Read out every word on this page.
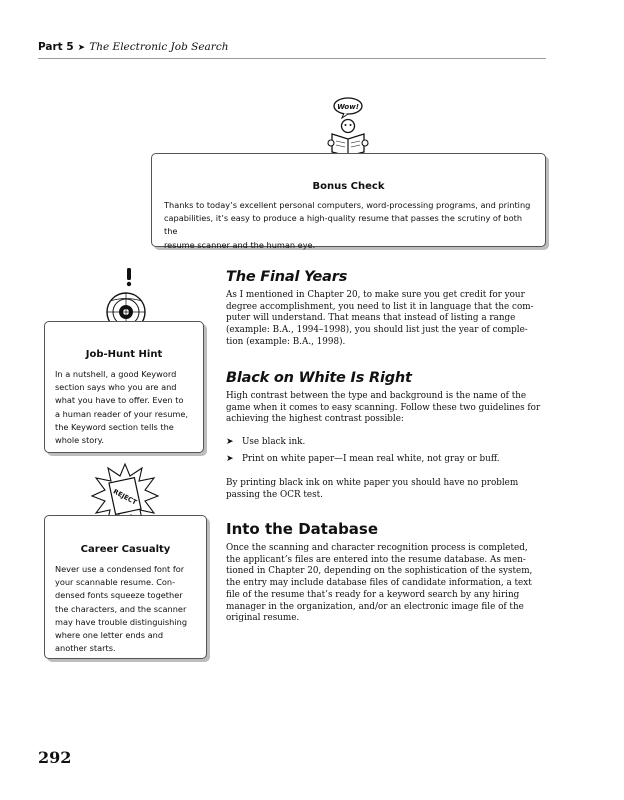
Part 5 ➤ The Electronic Job Search
Wow!
Bonus Check
Thanks to today’s excellent personal computers, word-processing programs, and printing
capabilities, it’s easy to produce a high-quality resume that passes the scrutiny of both the
resume scanner and the human eye.
Job-Hunt Hint
In a nutshell, a good Keyword
section says who you are and
what you have to offer. Even to
a human reader of your resume,
the Keyword section tells the
whole story.
REJECT
Career Casualty
Never use a condensed font for
your scannable resume. Con-
densed fonts squeeze together
the characters, and the scanner
may have trouble distinguishing
where one letter ends and
another starts.
The Final Years
As I mentioned in Chapter 20, to make sure you get credit for your
degree accomplishment, you need to list it in language that the com-
puter will understand. That means that instead of listing a range
(example: B.A., 1994–1998), you should list just the year of comple-
tion (example: B.A., 1998).
Black on White Is Right
High contrast between the type and background is the name of the
game when it comes to easy scanning. Follow these two guidelines for
achieving the highest contrast possible:
➤ Use black ink.
➤ Print on white paper—I mean real white, not gray or buff.
By printing black ink on white paper you should have no problem
passing the OCR test.
Into the Database
Once the scanning and character recognition process is completed,
the applicant’s files are entered into the resume database. As men-
tioned in Chapter 20, depending on the sophistication of the system,
the entry may include database files of candidate information, a text
file of the resume that’s ready for a keyword search by any hiring
manager in the organization, and/or an electronic image file of the
original resume.
292
